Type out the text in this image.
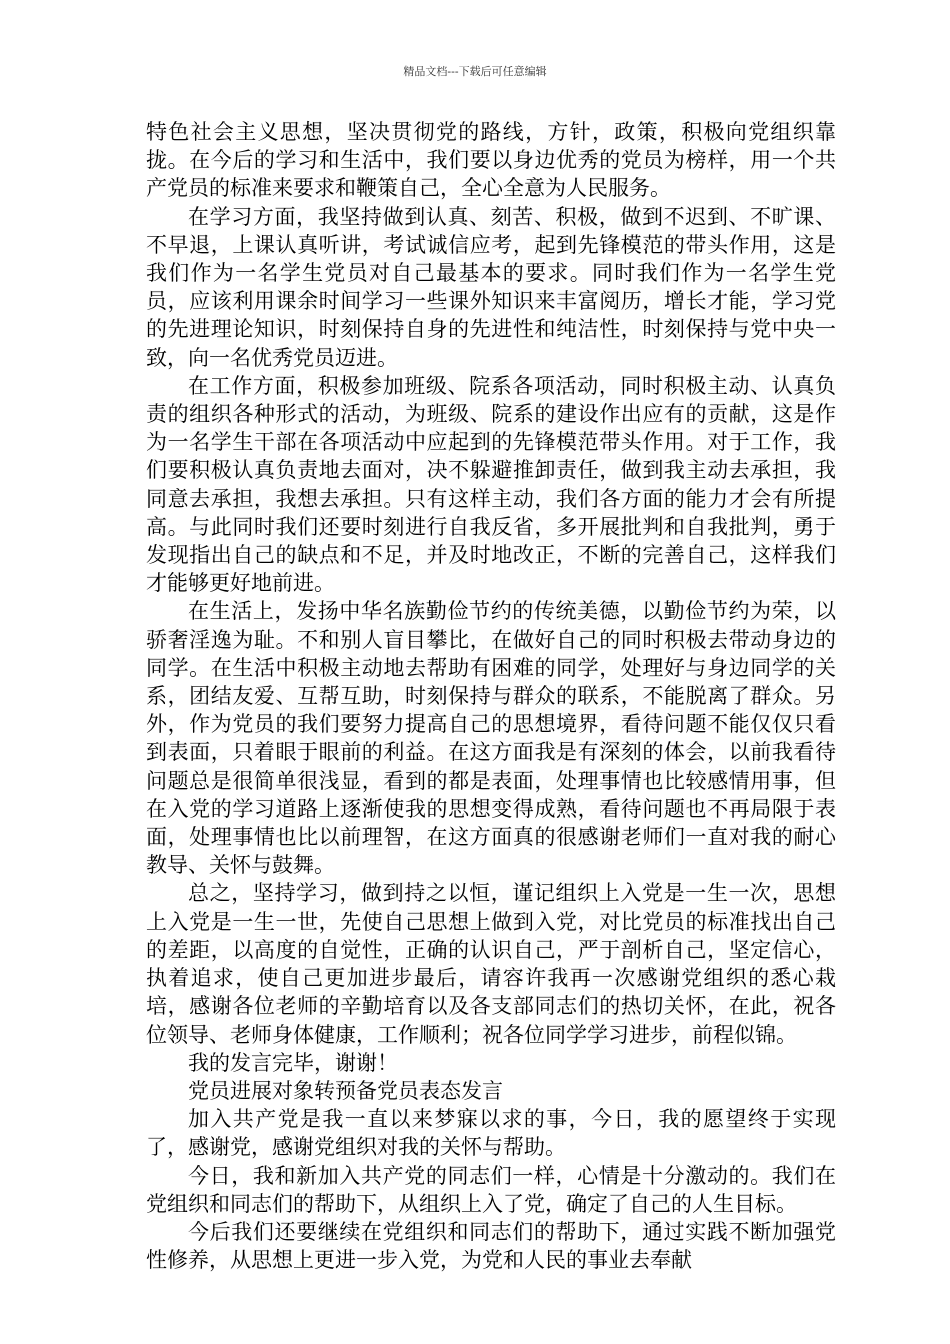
精品文档---下载后可任意编辑

特色社会主义思想，坚决贯彻党的路线，方针，政策，积极向党组织靠拢。在今后的学习和生活中，我们要以身边优秀的党员为榜样，用一个共产党员的标准来要求和鞭策自己，全心全意为人民服务。

在学习方面，我坚持做到认真、刻苦、积极，做到不迟到、不旷课、不早退，上课认真听讲，考试诚信应考，起到先锋模范的带头作用，这是我们作为一名学生党员对自己最基本的要求。同时我们作为一名学生党员，应该利用课余时间学习一些课外知识来丰富阅历，增长才能，学习党的先进理论知识，时刻保持自身的先进性和纯洁性，时刻保持与党中央一致，向一名优秀党员迈进。

在工作方面，积极参加班级、院系各项活动，同时积极主动、认真负责的组织各种形式的活动，为班级、院系的建设作出应有的贡献，这是作为一名学生干部在各项活动中应起到的先锋模范带头作用。对于工作，我们要积极认真负责地去面对，决不躲避推卸责任，做到我主动去承担，我同意去承担，我想去承担。只有这样主动，我们各方面的能力才会有所提高。与此同时我们还要时刻进行自我反省，多开展批判和自我批判，勇于发现指出自己的缺点和不足，并及时地改正，不断的完善自己，这样我们才能够更好地前进。

在生活上，发扬中华名族勤俭节约的传统美德，以勤俭节约为荣，以骄奢淫逸为耻。不和别人盲目攀比，在做好自己的同时积极去带动身边的同学。在生活中积极主动地去帮助有困难的同学，处理好与身边同学的关系，团结友爱、互帮互助，时刻保持与群众的联系，不能脱离了群众。另外，作为党员的我们要努力提高自己的思想境界，看待问题不能仅仅只看到表面，只着眼于眼前的利益。在这方面我是有深刻的体会，以前我看待问题总是很简单很浅显，看到的都是表面，处理事情也比较感情用事，但在入党的学习道路上逐渐使我的思想变得成熟，看待问题也不再局限于表面，处理事情也比以前理智，在这方面真的很感谢老师们一直对我的耐心教导、关怀与鼓舞。

总之，坚持学习，做到持之以恒，谨记组织上入党是一生一次，思想上入党是一生一世，先使自己思想上做到入党，对比党员的标准找出自己的差距，以高度的自觉性，正确的认识自己，严于剖析自己，坚定信心，执着追求，使自己更加进步最后，请容许我再一次感谢党组织的悉心栽培，感谢各位老师的辛勤培育以及各支部同志们的热切关怀，在此，祝各位领导、老师身体健康，工作顺利；祝各位同学学习进步，前程似锦。

我的发言完毕，谢谢！

党员进展对象转预备党员表态发言

加入共产党是我一直以来梦寐以求的事，今日，我的愿望终于实现了，感谢党，感谢党组织对我的关怀与帮助。

今日，我和新加入共产党的同志们一样，心情是十分激动的。我们在党组织和同志们的帮助下，从组织上入了党，确定了自己的人生目标。

今后我们还要继续在党组织和同志们的帮助下，通过实践不断加强党性修养，从思想上更进一步入党，为党和人民的事业去奉献
